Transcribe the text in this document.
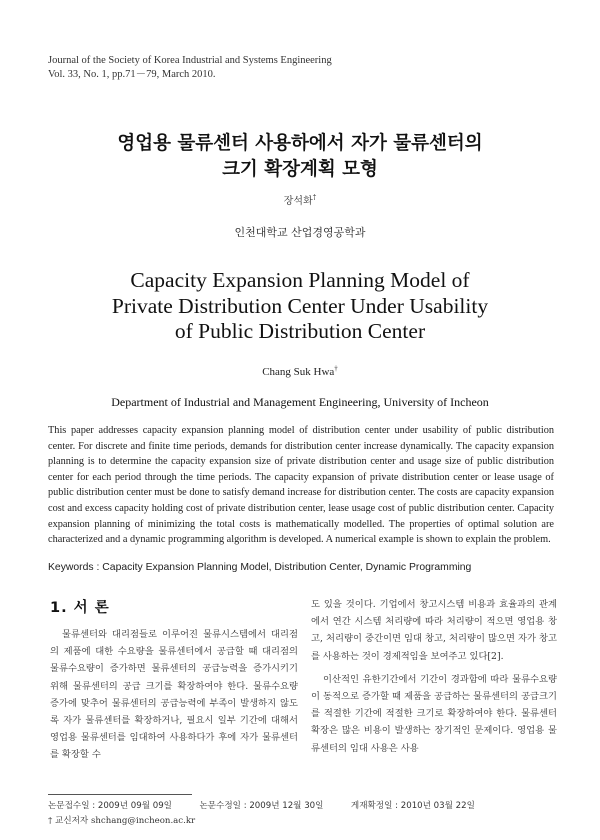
Journal of the Society of Korea Industrial and Systems Engineering
Vol. 33, No. 1, pp.71－79, March 2010.
영업용 물류센터 사용하에서 자가 물류센터의
크기 확장계획 모형
장석화†
인천대학교 산업경영공학과
Capacity Expansion Planning Model of
Private Distribution Center Under Usability
of Public Distribution Center
Chang Suk Hwa†
Department of Industrial and Management Engineering, University of Incheon

This paper addresses capacity expansion planning model of distribution center under usability of public distribution center. For discrete and finite time periods, demands for distribution center increase dynamically. The capacity expansion planning is to determine the capacity expansion size of private distribution center and usage size of public distribution center for each period through the time periods. The capacity expansion of private distribution center or lease usage of public distribution center must be done to satisfy demand increase for distribution center. The costs are capacity expansion cost and excess capacity holding cost of private distribution center, lease usage cost of public distribution center. Capacity expansion planning of minimizing the total costs is mathematically modelled. The properties of optimal solution are characterized and a dynamic programming algorithm is developed. A numerical example is shown to explain the problem.

Keywords : Capacity Expansion Planning Model, Distribution Center, Dynamic Programming
1. 서 론

물류센터와 대리점들로 이루어진 물류시스템에서 대리점의 제품에 대한 수요량을 물류센터에서 공급할 때 대리점의 물류수요량이 증가하면 물류센터의 공급능력을 증가시키기 위해 물류센터의 공급 크기를 확장하여야 한다. 물류수요량 증가에 맞추어 물류센터의 공급능력에 부족이 발생하지 않도록 자가 물류센터를 확장하거나, 필요시 일부 기간에 대해서 영업용 물류센터를 임대하여 사용하다가 후에 자가 물류센터를 확장할 수

도 있을 것이다. 기업에서 창고시스템 비용과 효율과의 관계에서 연간 시스템 처리량에 따라 처리량이 적으면 영업용 창고, 처리량이 중간이면 임대 창고, 처리량이 많으면 자가 창고를 사용하는 것이 경제적임을 보여주고 있다[2].

이산적인 유한기간에서 기간이 경과함에 따라 물류수요량이 동적으로 증가할 때 제품을 공급하는 물류센터의 공급크기를 적절한 기간에 적절한 크기로 확장하여야 한다. 물류센터 확장은 많은 비용이 발생하는 장기적인 문제이다. 영업용 물류센터의 임대 사용은 사용

논문접수일 : 2009년 09월 09일	논문수정일 : 2009년 12월 30일	게재확정일 : 2010년 03월 22일
† 교신저자 shchang@incheon.ac.kr
